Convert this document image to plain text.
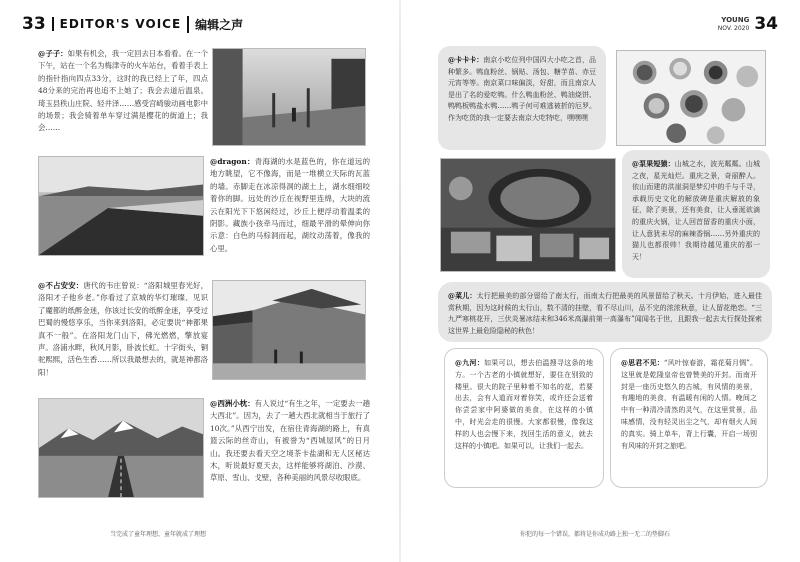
33	EDITOR'S VOICE	编辑之声
@子子：如果有机会，我一定回去日本看看。在一个下午，站在一个名为梅津寺的火车站台，看着手表上的指针指向四点33分，这时的我已经上了年，四点48分来的完治再也追不上她了；我会去道后温泉。琦玉县秩山庄院、轻井泽……感受宫崎骏动画电影中的场景；我会骑着单车穿过满是樱花的街道上；我会……
@dragon：青海湖的水是蓝色的，你在道远的地方眺望，它不像海，而是一堆横立天际的瓦蓝的墙。赤脚走在冰凉得洞的湖土上，湖水细细咬着你的脚。远处的沙丘在视野里连绵，大块的流云在阳光下下悠闲经过，沙丘上便浮动着温柔的阴影。藏族小孩牵马而过，细最平滑的晕伸向你示意：白色的马棕洞而起，湖纹动荡着，像我的心里。
@不占安安：唐代的韦庄曾说：“洛阳城里春光好，洛阳才子他乡老。”你看过了京城的华灯璀璨、见识了魔都的纸醉金迷，你该过长安的纸醉金迷，享受过巴蜀的慢悠享乐，当你来到洛阳，必定要说“神都果真不一般”。在洛阳龙门山下，佛光燃燃，擎放宴声。洛浦水畔，秋风月影，卧波长虹。十字街头，铜驼熙熙，活色生香……所以我最想去的，就是神都洛阳！
@西洲小枕：有人说过“有生之年，一定要去一趟大西北”。因为，去了一趟大西北就相当于旅行了10次。”从西宁出发，在宿住青海湖的路上，有真篮云际的丝奇山，有被誉为“西城屋风”的日月山。我还要去看天空之境茶卡盐湖和无人区秘达木，听说最好夏天去，这样能够将湖泊、沙漠、草原、雪山、戈壁，各种美丽的风景尽收眼底。
当完成了童年理想，童年就成了理想
YOUNG
NOV. 2020 34
@卡卡卡：南京小吃位列中国四大小吃之首，品种繁多。鸭血粉丝、锅贴、汤包、糖芋苗、赤豆元宵等等。南京菜口味偏淡，好甜，而且南京人是出了名的爱吃鸭。什么鸭血粉丝、鸭油烧饼、鸭鸭板鸭盐水鸭……鸭子何可难逃被折的厄罗。作为吃货的我一定要去南京大吃特吃，嘿嘿嘿
@泵果短猿：山城之水，波光粼粼。山城之夜，星光灿烂。重庆之景，奇丽醉人。依山而建的洪崖洞是梦幻中的千与千寻，承载历史文化的解放碑是重庆解放的象征，除了美景，还有美食，让人垂涎欲滴的重庆火锅，让人回首留香的重庆小面，让人意犹未尽的麻辣香锅……另外重庆的猫儿也都很帅！我期待越见重庆的那一天！
@菜儿：太行把最美的部分留给了南太行，而南太行把最美的风景留给了秋天。十月伊始，进入最佳赏秋期，因为这时候的太行山，数不清的挂壁，看不尽山川，品不完的浓浓秋意，让人留花绝恋。“三九严寒桃花开，三伏炎暑冰结未和346米高瀑前第一高瀑布”闻闻名于世，且跟我一起去太行探处探索这世界上最危险隐秘的秋色！
@九河：如果可以，想去伯温搜寻这条的地方。一个古老的小镇就想好，要住在别致的楼里。很大的院子里种着不知名的花，若要出去，会有人道而对着你笑，或许还会送着你尝尝家中阿婆做的美食，在这样的小镇中，时光会走的很慢。大家都很慢，像我这样的人也会慢下来，找回生活的意义，就去这样的小镇吧。如果可以，让我们一起去。
@思君不见：“风叶惊春游，霜花菊月惆”。这里就是乾隆皇帝也曾赞美的开封。而南开封是一座历史悠久的古城，有风情的美景，有趣地的美食，有温暖有闲的人情。晚间之中有一种清冷清然的灵气，在这里赏景，品味感情，没有轻灵出尘之气，却有烟火人间的真实。骑上单车，背上行囊，开启一场别有风味的开封之旅吧。
你犯的每一个错误，都将是你成功路上独一无二的垫脚石
